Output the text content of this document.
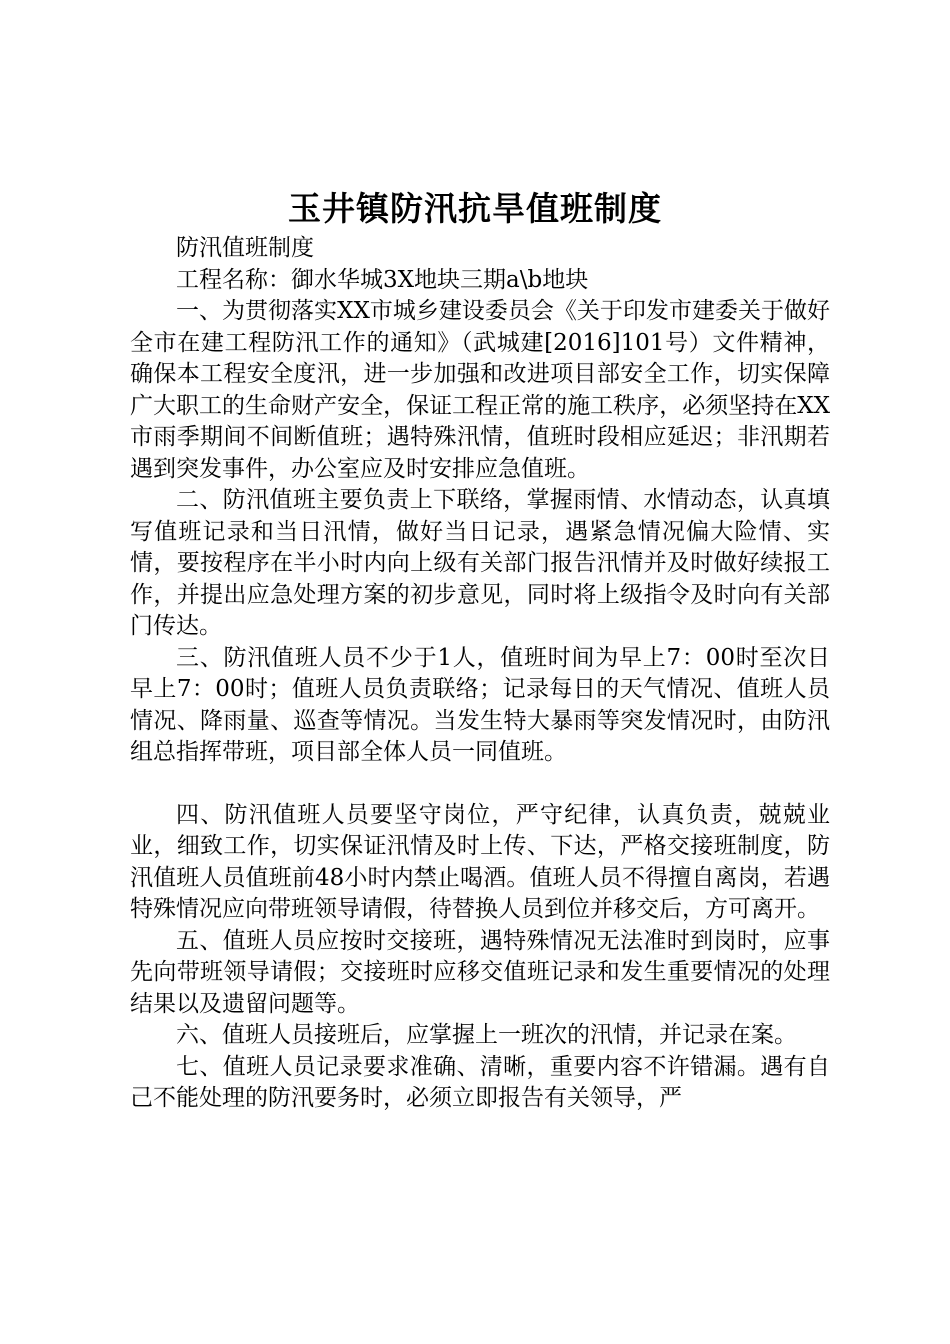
玉井镇防汛抗旱值班制度

防汛值班制度

工程名称：御水华城3X地块三期a\b地块

一、为贯彻落实XX市城乡建设委员会《关于印发市建委关于做好全市在建工程防汛工作的通知》（武城建[2016]101号）文件精神，确保本工程安全度汛，进一步加强和改进项目部安全工作，切实保障广大职工的生命财产安全，保证工程正常的施工秩序，必须坚持在XX市雨季期间不间断值班；遇特殊汛情，值班时段相应延迟；非汛期若遇到突发事件，办公室应及时安排应急值班。

二、防汛值班主要负责上下联络，掌握雨情、水情动态，认真填写值班记录和当日汛情，做好当日记录，遇紧急情况偏大险情、实情，要按程序在半小时内向上级有关部门报告汛情并及时做好续报工作，并提出应急处理方案的初步意见，同时将上级指令及时向有关部门传达。

三、防汛值班人员不少于1人，值班时间为早上7：00时至次日早上7：00时；值班人员负责联络；记录每日的天气情况、值班人员情况、降雨量、巡查等情况。当发生特大暴雨等突发情况时，由防汛组总指挥带班，项目部全体人员一同值班。

四、防汛值班人员要坚守岗位，严守纪律，认真负责，兢兢业业，细致工作，切实保证汛情及时上传、下达，严格交接班制度，防汛值班人员值班前48小时内禁止喝酒。值班人员不得擅自离岗，若遇特殊情况应向带班领导请假，待替换人员到位并移交后，方可离开。

五、值班人员应按时交接班，遇特殊情况无法准时到岗时，应事先向带班领导请假；交接班时应移交值班记录和发生重要情况的处理结果以及遗留问题等。

六、值班人员接班后，应掌握上一班次的汛情，并记录在案。

七、值班人员记录要求准确、清晰，重要内容不许错漏。遇有自己不能处理的防汛要务时，必须立即报告有关领导，严
